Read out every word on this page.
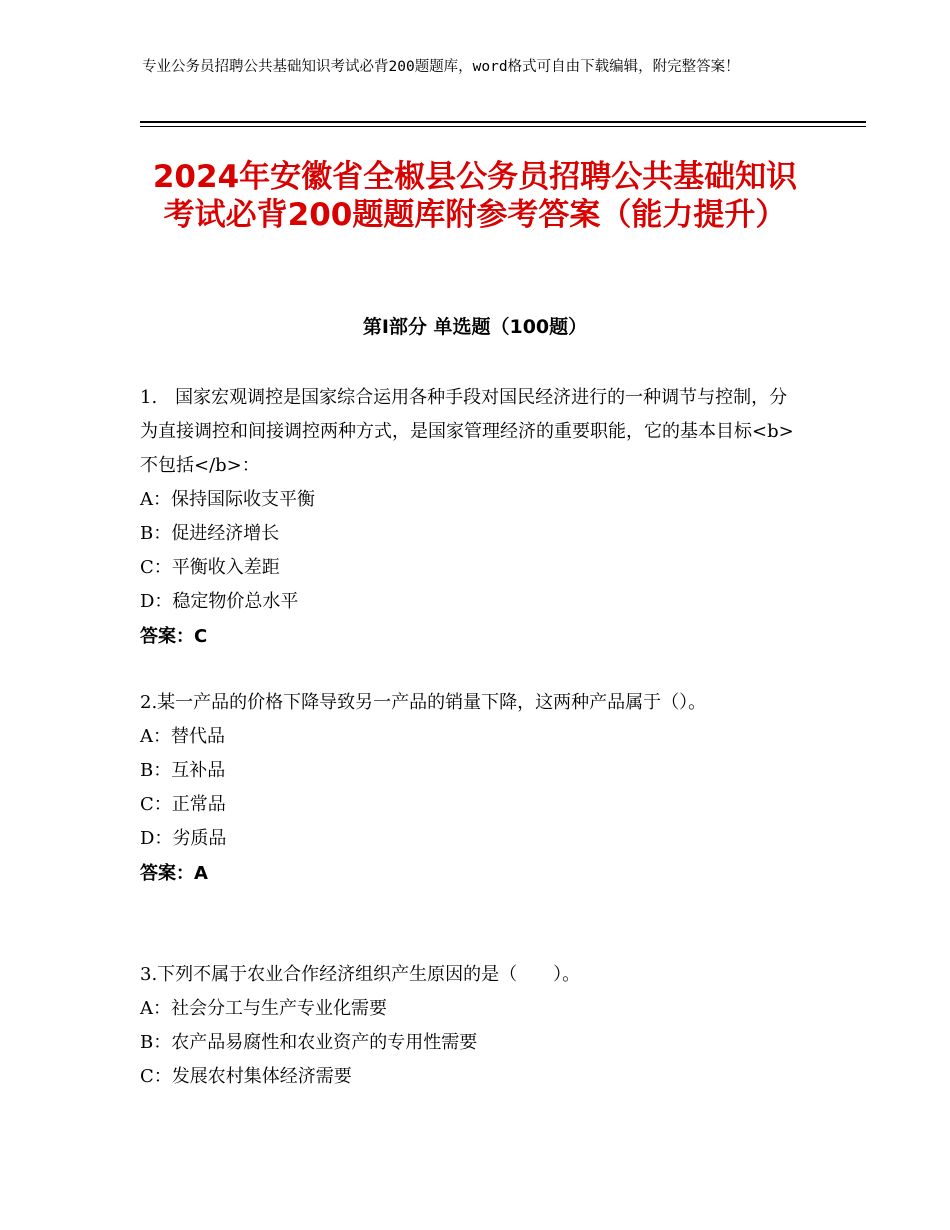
专业公务员招聘公共基础知识考试必背200题题库，word格式可自由下载编辑，附完整答案！
2024年安徽省全椒县公务员招聘公共基础知识考试必背200题题库附参考答案（能力提升）
第Ⅰ部分 单选题（100题）
1.　国家宏观调控是国家综合运用各种手段对国民经济进行的一种调节与控制，分为直接调控和间接调控两种方式，是国家管理经济的重要职能，它的基本目标<b>不包括</b>：
A：保持国际收支平衡
B：促进经济增长
C：平衡收入差距
D：稳定物价总水平
答案：C
2.某一产品的价格下降导致另一产品的销量下降，这两种产品属于（）。
A：替代品
B：互补品
C：正常品
D：劣质品
答案：A
3.下列不属于农业合作经济组织产生原因的是（　　）。
A：社会分工与生产专业化需要
B：农产品易腐性和农业资产的专用性需要
C：发展农村集体经济需要
